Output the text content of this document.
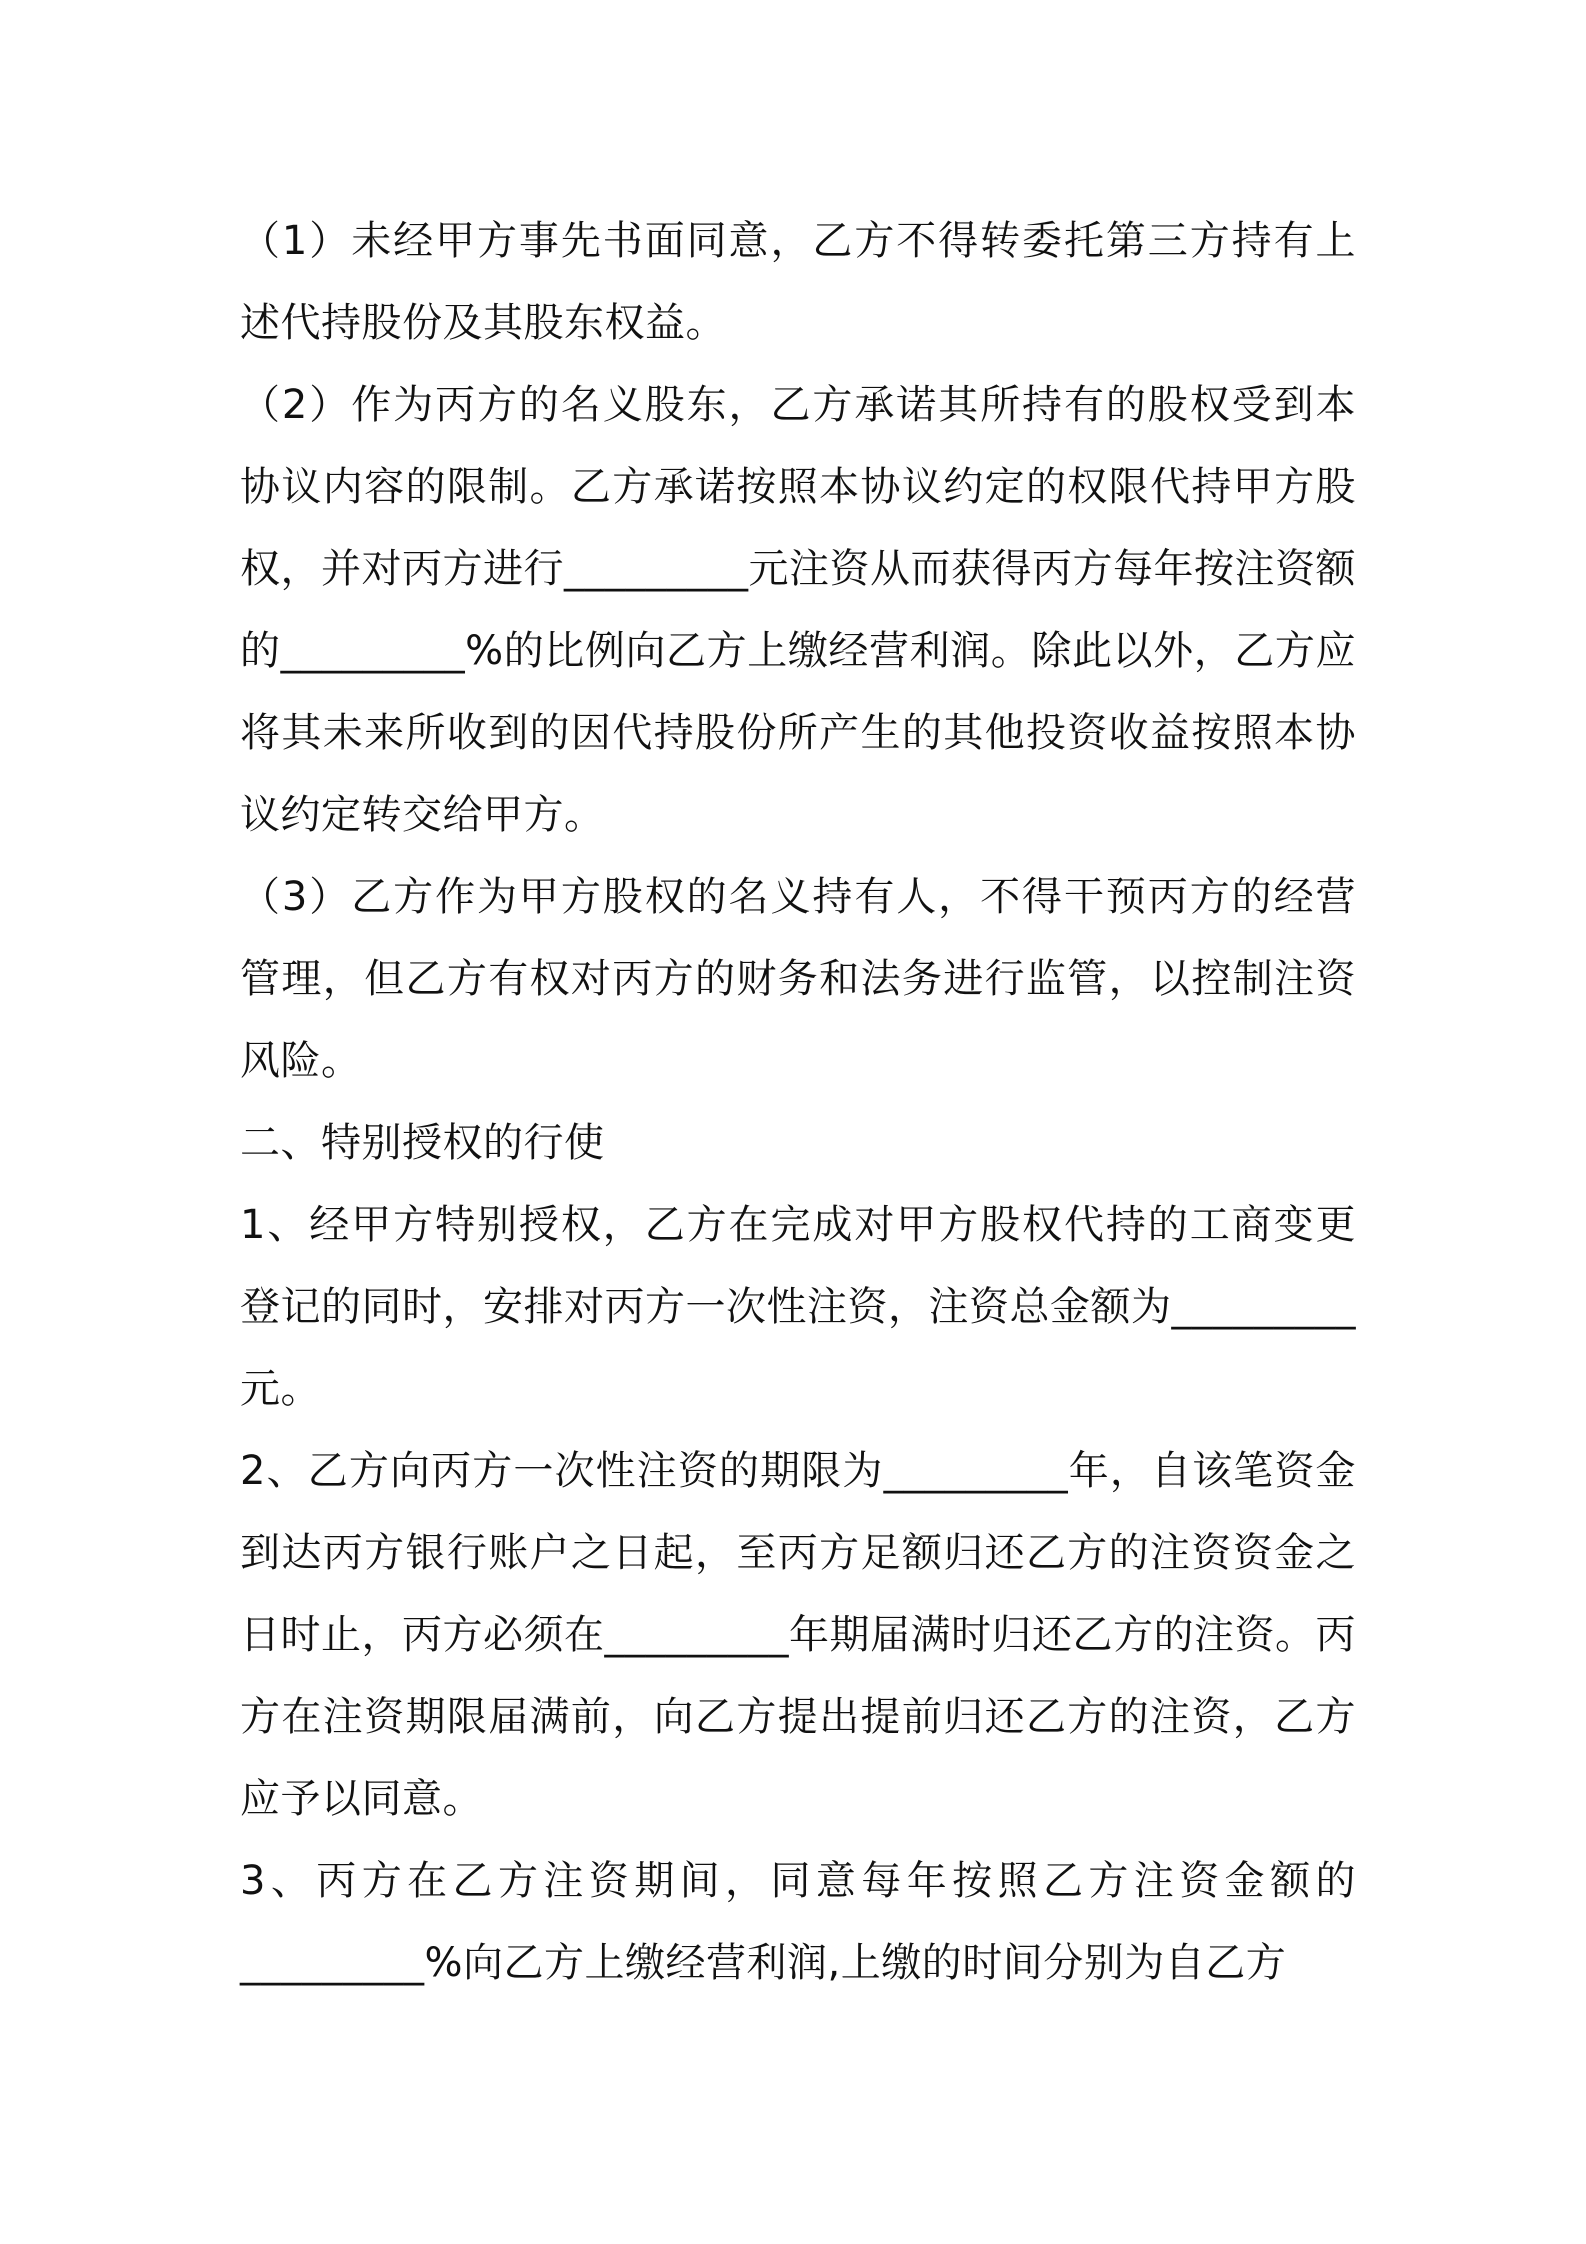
（1）未经甲方事先书面同意，乙方不得转委托第三方持有上述代持股份及其股东权益。

（2）作为丙方的名义股东，乙方承诺其所持有的股权受到本协议内容的限制。乙方承诺按照本协议约定的权限代持甲方股权，并对丙方进行_________元注资从而获得丙方每年按注资额的_________%的比例向乙方上缴经营利润。除此以外，乙方应将其未来所收到的因代持股份所产生的其他投资收益按照本协议约定转交给甲方。

（3）乙方作为甲方股权的名义持有人，不得干预丙方的经营管理，但乙方有权对丙方的财务和法务进行监管，以控制注资风险。

二、特别授权的行使

1、经甲方特别授权，乙方在完成对甲方股权代持的工商变更登记的同时，安排对丙方一次性注资，注资总金额为_________元。

2、乙方向丙方一次性注资的期限为_________年，自该笔资金到达丙方银行账户之日起，至丙方足额归还乙方的注资资金之日时止，丙方必须在_________年期届满时归还乙方的注资。丙方在注资期限届满前，向乙方提出提前归还乙方的注资，乙方应予以同意。

3、丙方在乙方注资期间，同意每年按照乙方注资金额的_________%向乙方上缴经营利润,上缴的时间分别为自乙方
